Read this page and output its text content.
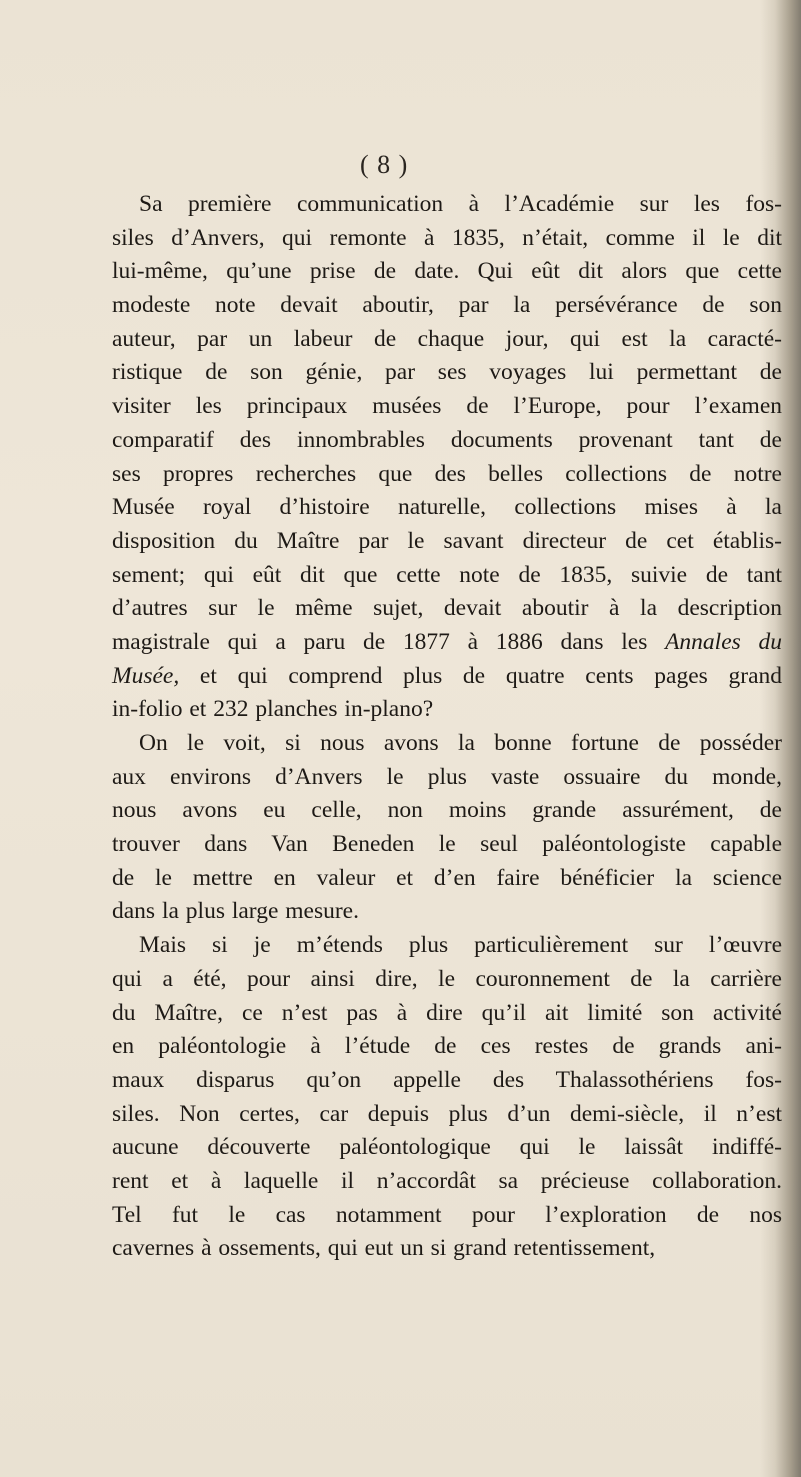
( 8 )
Sa première communication à l’Académie sur les fos-
siles d’Anvers, qui remonte à 1835, n’était, comme il le dit
lui-même, qu’une prise de date. Qui eût dit alors que cette
modeste note devait aboutir, par la persévérance de son
auteur, par un labeur de chaque jour, qui est la caracté-
ristique de son génie, par ses voyages lui permettant de
visiter les principaux musées de l’Europe, pour l’examen
comparatif des innombrables documents provenant tant de
ses propres recherches que des belles collections de notre
Musée royal d’histoire naturelle, collections mises à la
disposition du Maître par le savant directeur de cet établis-
sement; qui eût dit que cette note de 1835, suivie de tant
d’autres sur le même sujet, devait aboutir à la description
magistrale qui a paru de 1877 à 1886 dans les Annales du
Musée, et qui comprend plus de quatre cents pages grand
in-folio et 232 planches in-plano?
On le voit, si nous avons la bonne fortune de posséder
aux environs d’Anvers le plus vaste ossuaire du monde,
nous avons eu celle, non moins grande assurément, de
trouver dans Van Beneden le seul paléontologiste capable
de le mettre en valeur et d’en faire bénéficier la science
dans la plus large mesure.
Mais si je m’étends plus particulièrement sur l’œuvre
qui a été, pour ainsi dire, le couronnement de la carrière
du Maître, ce n’est pas à dire qu’il ait limité son activité
en paléontologie à l’étude de ces restes de grands ani-
maux disparus qu’on appelle des Thalassothériens fos-
siles. Non certes, car depuis plus d’un demi-siècle, il n’est
aucune découverte paléontologique qui le laissât indiffé-
rent et à laquelle il n’accordât sa précieuse collaboration.
Tel fut le cas notamment pour l’exploration de nos
cavernes à ossements, qui eut un si grand retentissement,
